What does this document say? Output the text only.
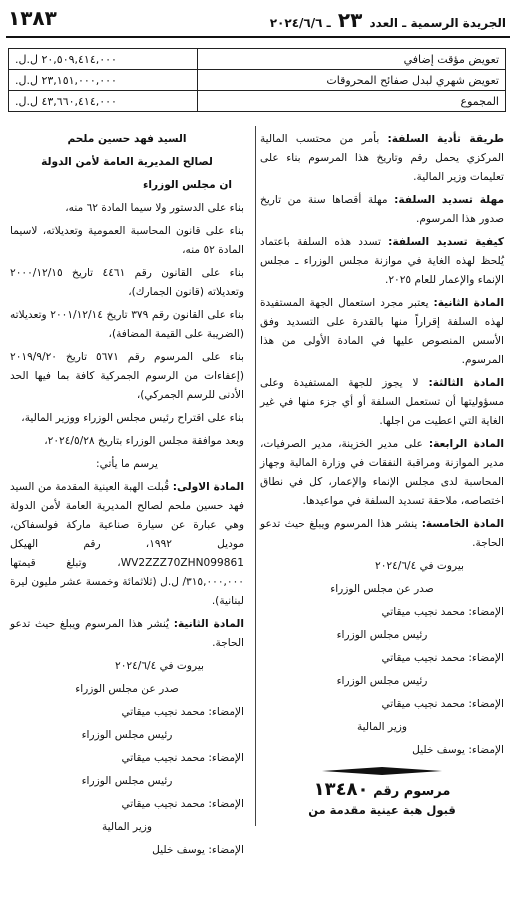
الجريدة الرسمية ـ العدد ٢٣ ـ ٢٠٢٤/٦/٦
١٣٨٣
تعويض مؤقت إضافي	٢٠,٥٠٩,٤١٤,٠٠٠ ل.ل.
تعويض شهري لبدل صفائح المحروقات	٢٣,١٥١,٠٠٠,٠٠٠ ل.ل.
المجموع	٤٣,٦٦٠,٤١٤,٠٠٠ ل.ل.

طريقة تأدية السلفة: بأمر من محتسب المالية المركزي يحمل رقم وتاريخ هذا المرسوم بناء على تعليمات وزير المالية.

مهلة تسديد السلفة: مهلة أقصاها سنة من تاريخ صدور هذا المرسوم.

كيفية تسديد السلفة: تسدد هذه السلفة باعتماد يُلحظ لهذه الغاية في موازنة مجلس الوزراء ـ مجلس الإنماء والإعمار للعام ٢٠٢٥.

المادة الثانية: يعتبر مجرد استعمال الجهة المستفيدة لهذه السلفة إقراراً منها بالقدرة على التسديد وفق الأسس المنصوص عليها في المادة الأولى من هذا المرسوم.

المادة الثالثة: لا يجوز للجهة المستفيدة وعلى مسؤوليتها أن تستعمل السلفة أو أي جزء منها في غير الغاية التي اعطيت من اجلها.

المادة الرابعة: على مدير الخزينة، مدير الصرفيات، مدير الموازنة ومراقبة النفقات في وزارة المالية وجهاز المحاسبة لدى مجلس الإنماء والإعمار، كل في نطاق اختصاصه، ملاحقة تسديد السلفة في مواعيدها.

المادة الخامسة: ينشر هذا المرسوم ويبلغ حيث تدعو الحاجة.

بيروت في ٢٠٢٤/٦/٤

صدر عن مجلس الوزراء

الإمضاء: محمد نجيب ميقاتي

رئيس مجلس الوزراء

الإمضاء: محمد نجيب ميقاتي

رئيس مجلس الوزراء

الإمضاء: محمد نجيب ميقاتي

وزير المالية

الإمضاء: يوسف خليل

مرسوم رقم ١٣٤٨٠
قبول هبة عينية مقدمة من

السيد فهد حسين ملحم

لصالح المديرية العامة لأمن الدولة

ان مجلس الوزراء

بناء على الدستور ولا سيما المادة ٦٢ منه،

بناء على قانون المحاسبة العمومية وتعديلاته، لاسيما المادة ٥٢ منه،

بناء على القانون رقم ٤٤٦١ تاريخ ٢٠٠٠/١٢/١٥ وتعديلاته (قانون الجمارك)،

بناء على القانون رقم ٣٧٩ تاريخ ٢٠٠١/١٢/١٤ وتعديلاته (الضريبة على القيمة المضافة)،

بناء على المرسوم رقم ٥٦٧١ تاريخ ٢٠١٩/٩/٢٠ (إعفاءات من الرسوم الجمركية كافة بما فيها الحد الأدنى للرسم الجمركي)،

بناء على اقتراح رئيس مجلس الوزراء ووزير المالية،

وبعد موافقة مجلس الوزراء بتاريخ ٢٠٢٤/٥/٢٨،

يرسم ما يأتي:

المادة الاولى: قُبلت الهبة العينية المقدمة من السيد فهد حسين ملحم لصالح المديرية العامة لأمن الدولة وهي عبارة عن سيارة صناعية ماركة فولسفاكن، موديل ١٩٩٢، رقم الهيكل WV2ZZZ70ZHN099861، وتبلغ قيمتها ٣١٥,٠٠٠,٠٠٠/ ل.ل (ثلاثمائة وخمسة عشر مليون ليرة لبنانية).

المادة الثانية: يُنشر هذا المرسوم ويبلغ حيث تدعو الحاجة.

بيروت في ٢٠٢٤/٦/٤

صدر عن مجلس الوزراء

الإمضاء: محمد نجيب ميقاتي

رئيس مجلس الوزراء

الإمضاء: محمد نجيب ميقاتي

رئيس مجلس الوزراء

الإمضاء: محمد نجيب ميقاتي

وزير المالية

الإمضاء: يوسف خليل
